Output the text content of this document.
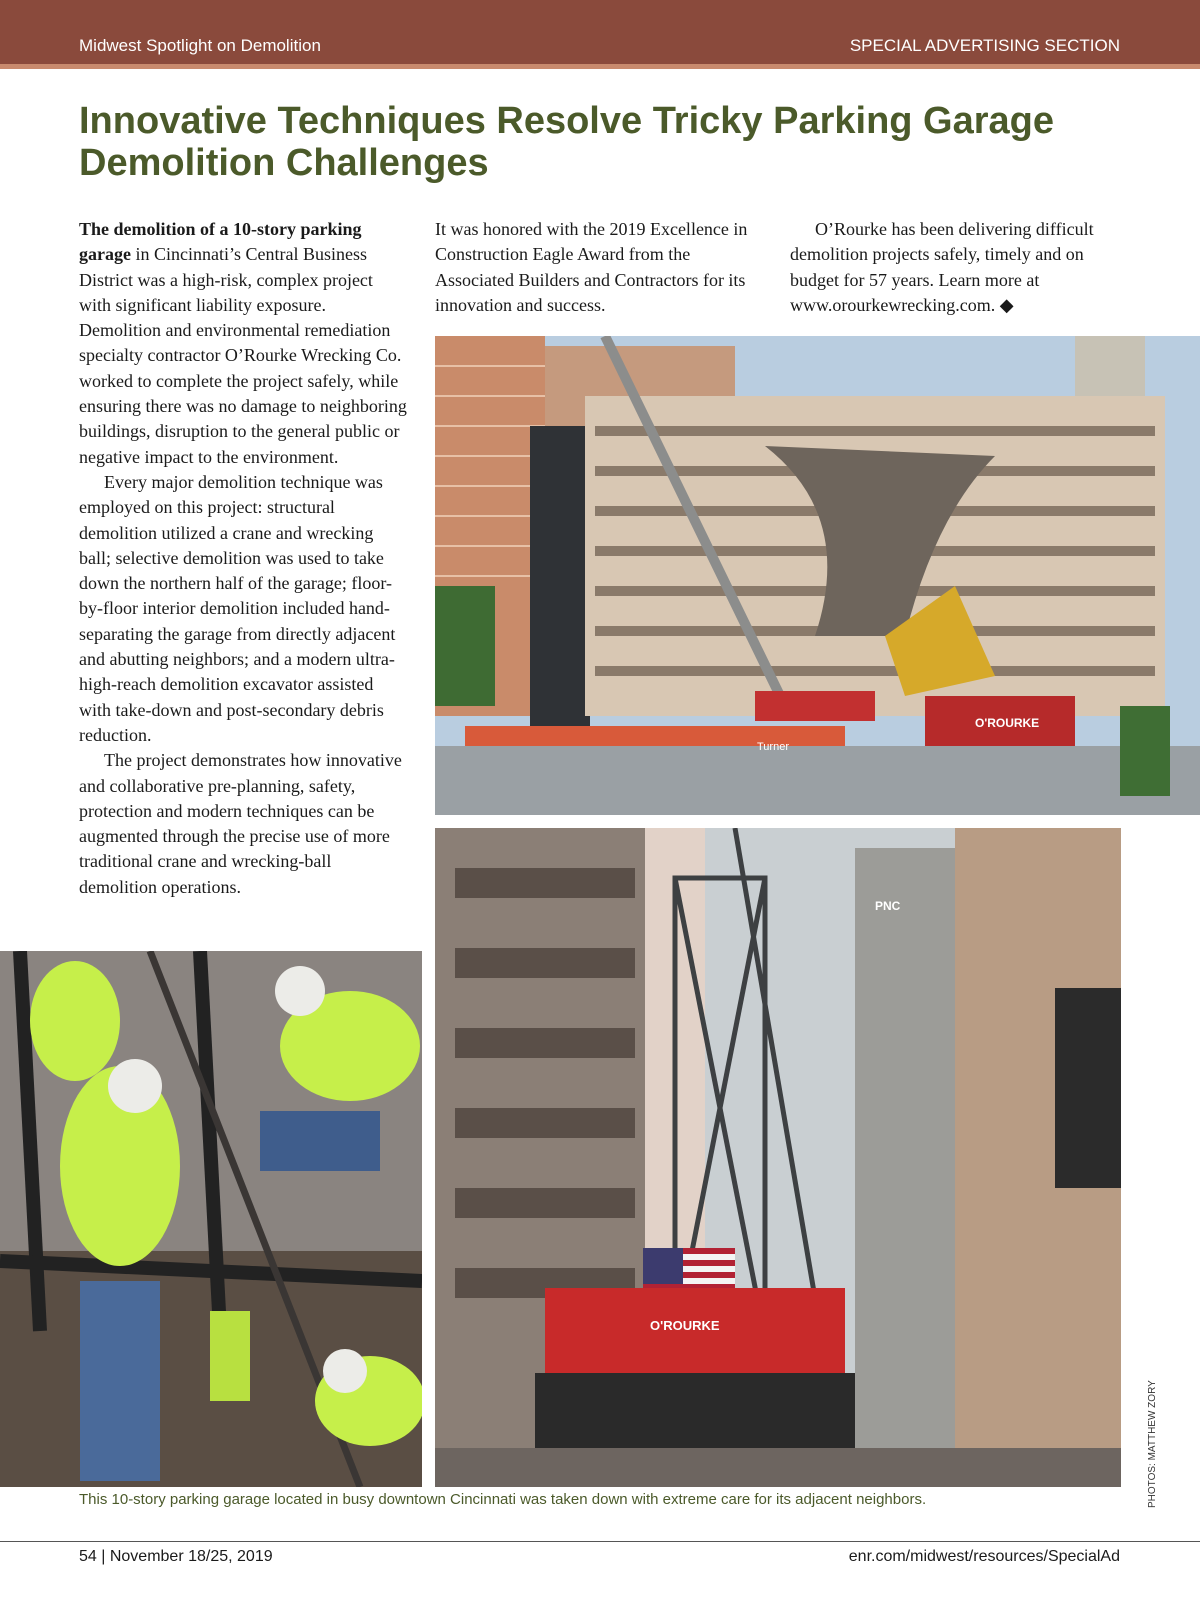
Midwest Spotlight on Demolition	SPECIAL ADVERTISING SECTION
Innovative Techniques Resolve Tricky Parking Garage
Demolition Challenges

The demolition of a 10-story parking garage in Cincinnati’s Central Business District was a high-risk, complex project with significant liability exposure. Demolition and environmental remediation specialty contractor O’Rourke Wrecking Co. worked to complete the project safely, while ensuring there was no damage to neighboring buildings, disruption to the general public or negative impact to the environment.

Every major demolition technique was employed on this project: structural demolition utilized a crane and wrecking ball; selective demolition was used to take down the northern half of the garage; floor-by-floor interior demolition included hand-separating the garage from directly adjacent and abutting neighbors; and a modern ultra-high-reach demolition excavator assisted with take-down and post-secondary debris reduction.

The project demonstrates how innovative and collaborative pre-planning, safety, protection and modern techniques can be augmented through the precise use of more traditional crane and wrecking-ball demolition operations.

It was honored with the 2019 Excellence in Construction Eagle Award from the Associated Builders and Contractors for its innovation and success.

O’Rourke has been delivering difficult demolition projects safely, timely and on budget for 57 years. Learn more at www.orourkewrecking.com. ◆

Turner
O'ROURKE
O'ROURKE
PNC
PHOTOS: MATTHEW ZORY
This 10-story parking garage located in busy downtown Cincinnati was taken down with extreme care for its adjacent neighbors.
54 | November 18/25, 2019	enr.com/midwest/resources/SpecialAd
